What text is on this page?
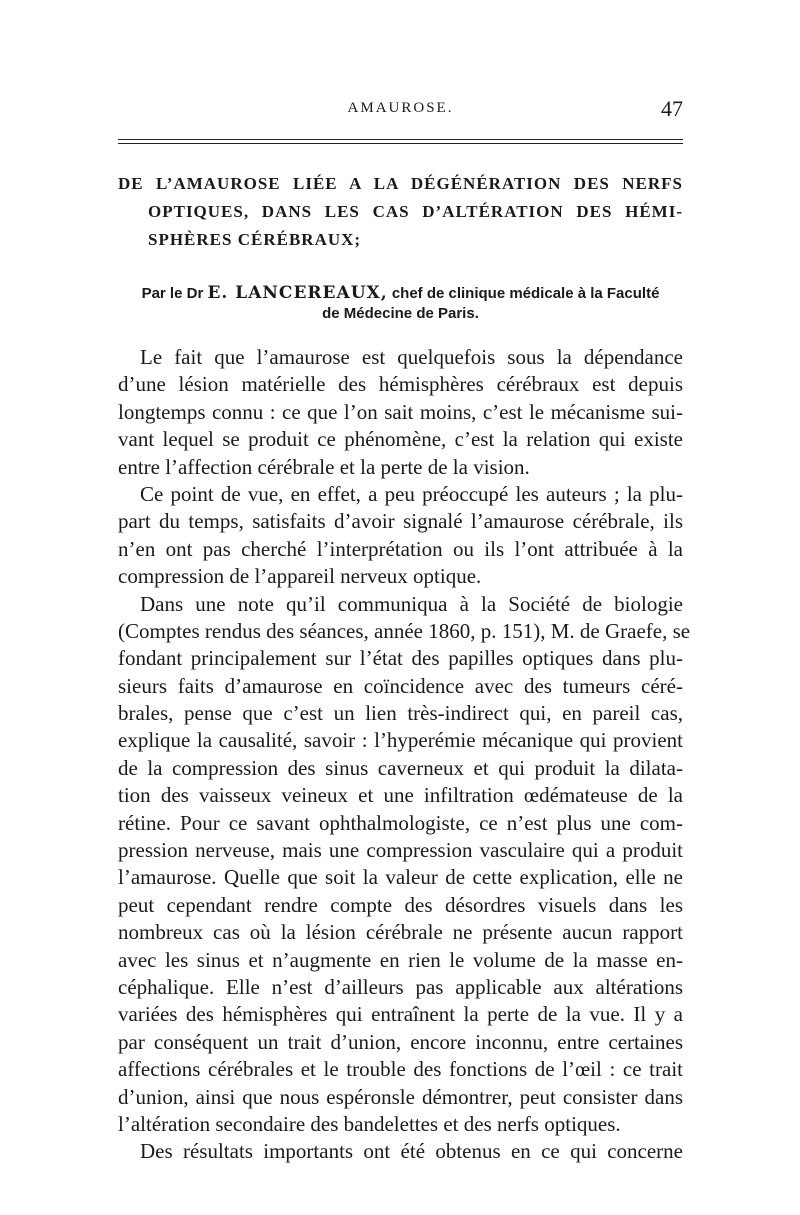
AMAUROSE.	47
DE L’AMAUROSE LIÉE A LA DÉGÉNÉRATION DES NERFS
OPTIQUES, DANS LES CAS D’ALTÉRATION DES HÉMI-
SPHÈRES CÉRÉBRAUX;
Par le Dr E. LANCEREAUX, chef de clinique médicale à la Faculté
de Médecine de Paris.
Le fait que l’amaurose est quelquefois sous la dépendance
d’une lésion matérielle des hémisphères cérébraux est depuis
longtemps connu : ce que l’on sait moins, c’est le mécanisme sui-
vant lequel se produit ce phénomène, c’est la relation qui existe
entre l’affection cérébrale et la perte de la vision.
Ce point de vue, en effet, a peu préoccupé les auteurs ; la plu-
part du temps, satisfaits d’avoir signalé l’amaurose cérébrale, ils
n’en ont pas cherché l’interprétation ou ils l’ont attribuée à la
compression de l’appareil nerveux optique.
Dans une note qu’il communiqua à la Société de biologie
(Comptes rendus des séances, année 1860, p. 151), M. de Graefe, se
fondant principalement sur l’état des papilles optiques dans plu-
sieurs faits d’amaurose en coïncidence avec des tumeurs céré-
brales, pense que c’est un lien très-indirect qui, en pareil cas,
explique la causalité, savoir : l’hyperémie mécanique qui provient
de la compression des sinus caverneux et qui produit la dilata-
tion des vaisseux veineux et une infiltration œdémateuse de la
rétine. Pour ce savant ophthalmologiste, ce n’est plus une com-
pression nerveuse, mais une compression vasculaire qui a produit
l’amaurose. Quelle que soit la valeur de cette explication, elle ne
peut cependant rendre compte des désordres visuels dans les
nombreux cas où la lésion cérébrale ne présente aucun rapport
avec les sinus et n’augmente en rien le volume de la masse en-
céphalique. Elle n’est d’ailleurs pas applicable aux altérations
variées des hémisphères qui entraînent la perte de la vue. Il y a
par conséquent un trait d’union, encore inconnu, entre certaines
affections cérébrales et le trouble des fonctions de l’œil : ce trait
d’union, ainsi que nous espéronsle démontrer, peut consister dans
l’altération secondaire des bandelettes et des nerfs optiques.
Des résultats importants ont été obtenus en ce qui concerne
